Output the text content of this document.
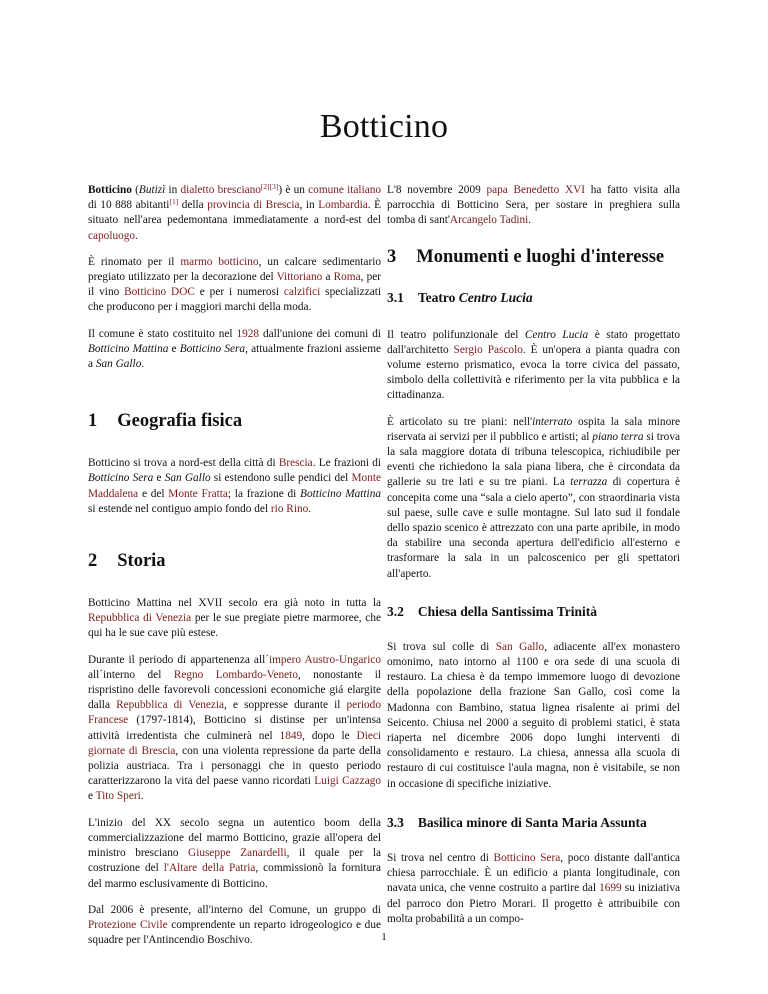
Botticino

Botticino (Butizì in dialetto bresciano[2][3]) è un comune italiano di 10 888 abitanti[1] della provincia di Brescia, in Lombardia. È situato nell'area pedemontana immediatamente a nord-est del capoluogo.

È rinomato per il marmo botticino, un calcare sedimentario pregiato utilizzato per la decorazione del Vittoriano a Roma, per il vino Botticino DOC e per i numerosi calzifici specializzati che producono per i maggiori marchi della moda.

Il comune è stato costituito nel 1928 dall'unione dei comuni di Botticino Mattina e Botticino Sera, attualmente frazioni assieme a San Gallo.

1 Geografia fisica

Botticino si trova a nord-est della città di Brescia. Le frazioni di Botticino Sera e San Gallo si estendono sulle pendici del Monte Maddalena e del Monte Fratta; la frazione di Botticino Mattina si estende nel contiguo ampio fondo del rio Rino.

2 Storia

Botticino Mattina nel XVII secolo era già noto in tutta la Repubblica di Venezia per le sue pregiate pietre marmoree, che qui ha le sue cave più estese.

Durante il periodo di appartenenza all´impero Austro-Ungarico all´interno del Regno Lombardo-Veneto, nonostante il rispristino delle favorevoli concessioni economiche giá elargite dalla Repubblica di Venezia, e soppresse durante il periodo Francese (1797-1814), Botticino si distinse per un'intensa attività irredentista che culminerà nel 1849, dopo le Dieci giornate di Brescia, con una violenta repressione da parte della polizia austriaca. Tra i personaggi che in questo periodo caratterizzarono la vita del paese vanno ricordati Luigi Cazzago e Tito Speri.

L'inizio del XX secolo segna un autentico boom della commercializzazione del marmo Botticino, grazie all'opera del ministro bresciano Giuseppe Zanardelli, il quale per la costruzione del l'Altare della Patria, commissionò la fornitura del marmo esclusivamente di Botticino.

Dal 2006 è presente, all'interno del Comune, un gruppo di Protezione Civile comprendente un reparto idrogeologico e due squadre per l'Antincendio Boschivo.

L'8 novembre 2009 papa Benedetto XVI ha fatto visita alla parrocchia di Botticino Sera, per sostare in preghiera sulla tomba di sant'Arcangelo Tadini.

3 Monumenti e luoghi d'interesse
3.1 Teatro Centro Lucia

Il teatro polifunzionale del Centro Lucia è stato progettato dall'architetto Sergio Pascolo. È un'opera a pianta quadra con volume esterno prismatico, evoca la torre civica del passato, simbolo della collettività e riferimento per la vita pubblica e la cittadinanza.

È articolato su tre piani: nell'interrato ospita la sala minore riservata ai servizi per il pubblico e artisti; al piano terra si trova la sala maggiore dotata di tribuna telescopica, richiudibile per eventi che richiedono la sala piana libera, che è circondata da gallerie su tre lati e su tre piani. La terrazza di copertura è concepita come una “sala a cielo aperto”, con straordinaria vista sul paese, sulle cave e sulle montagne. Sul lato sud il fondale dello spazio scenico è attrezzato con una parte apribile, in modo da stabilire una seconda apertura dell'edificio all'esterno e trasformare la sala in un palcoscenico per gli spettatori all'aperto.

3.2 Chiesa della Santissima Trinità

Si trova sul colle di San Gallo, adiacente all'ex monastero omonimo, nato intorno al 1100 e ora sede di una scuola di restauro. La chiesa è da tempo immemore luogo di devozione della popolazione della frazione San Gallo, così come la Madonna con Bambino, statua lignea risalente ai primi del Seicento. Chiusa nel 2000 a seguito di problemi statici, è stata riaperta nel dicembre 2006 dopo lunghi interventi di consolidamento e restauro. La chiesa, annessa alla scuola di restauro di cui costituisce l'aula magna, non è visitabile, se non in occasione di specifiche iniziative.

3.3 Basilica minore di Santa Maria Assunta

Si trova nel centro di Botticino Sera, poco distante dall'antica chiesa parrocchiale. È un edificio a pianta longitudinale, con navata unica, che venne costruito a partire dal 1699 su iniziativa del parroco don Pietro Morari. Il progetto è attribuibile con molta probabilità a un compo-

1
